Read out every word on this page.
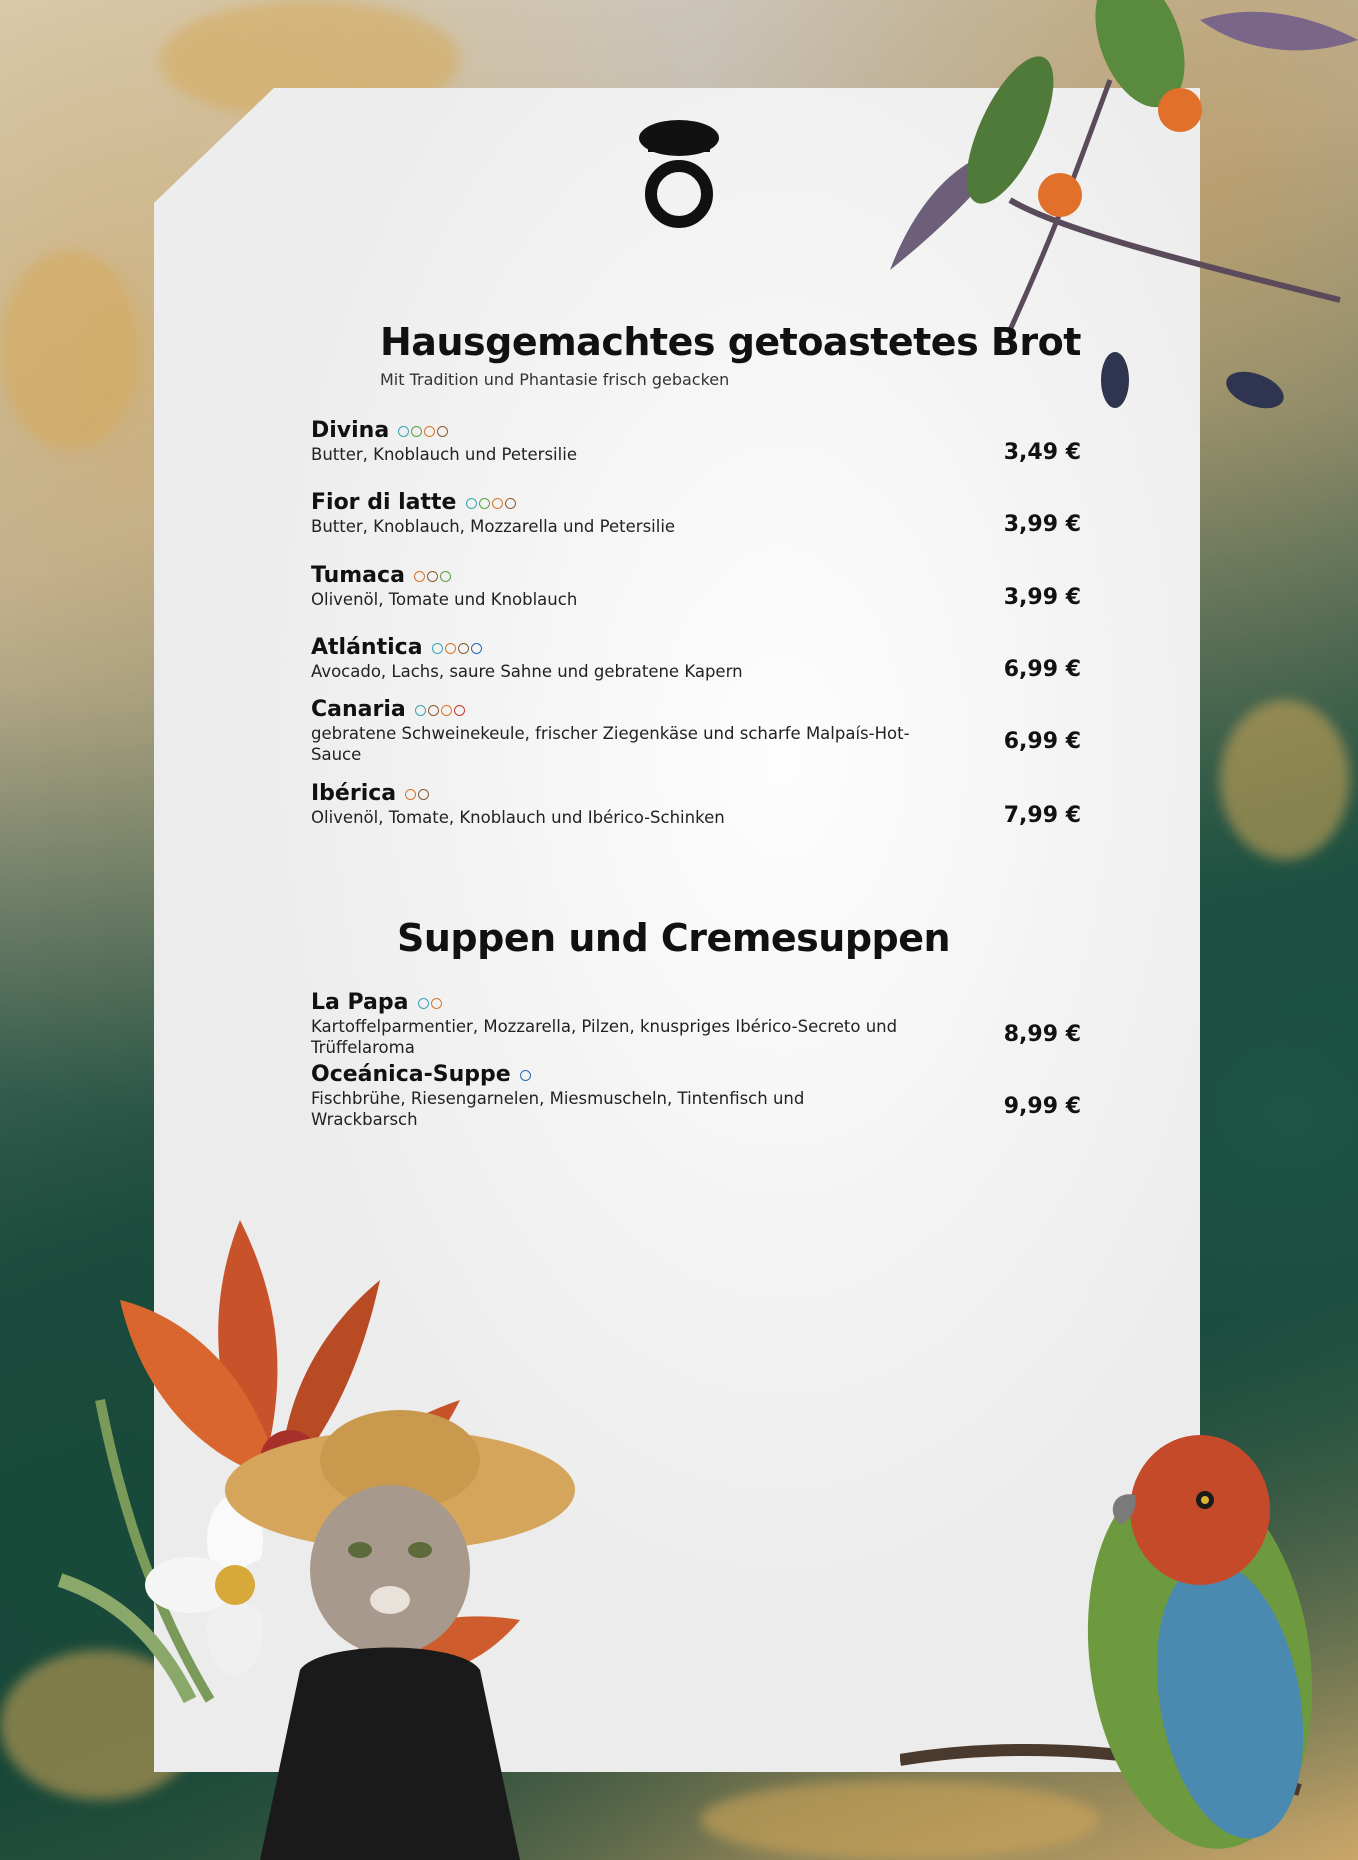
Hausgemachtes getoastetes Brot

Mit Tradition und Phantasie frisch gebacken

Divina
Butter, Knoblauch und Petersilie	3,49 €
Fior di latte
Butter, Knoblauch, Mozzarella und Petersilie	3,99 €
Tumaca
Olivenöl, Tomate und Knoblauch	3,99 €
Atlántica
Avocado, Lachs, saure Sahne und gebratene Kapern	6,99 €
Canaria
gebratene Schweinekeule, frischer Ziegenkäse und scharfe Malpaís-Hot-Sauce
6,99 €
Ibérica
Olivenöl, Tomate, Knoblauch und Ibérico-Schinken	7,99 €
Suppen und Cremesuppen
La Papa
Kartoffelparmentier, Mozzarella, Pilzen, knuspriges Ibérico-Secreto und Trüffelaroma
8,99 €
Oceánica-Suppe
Fischbrühe, Riesengarnelen, Miesmuscheln, Tintenfisch und Wrackbarsch
9,99 €
